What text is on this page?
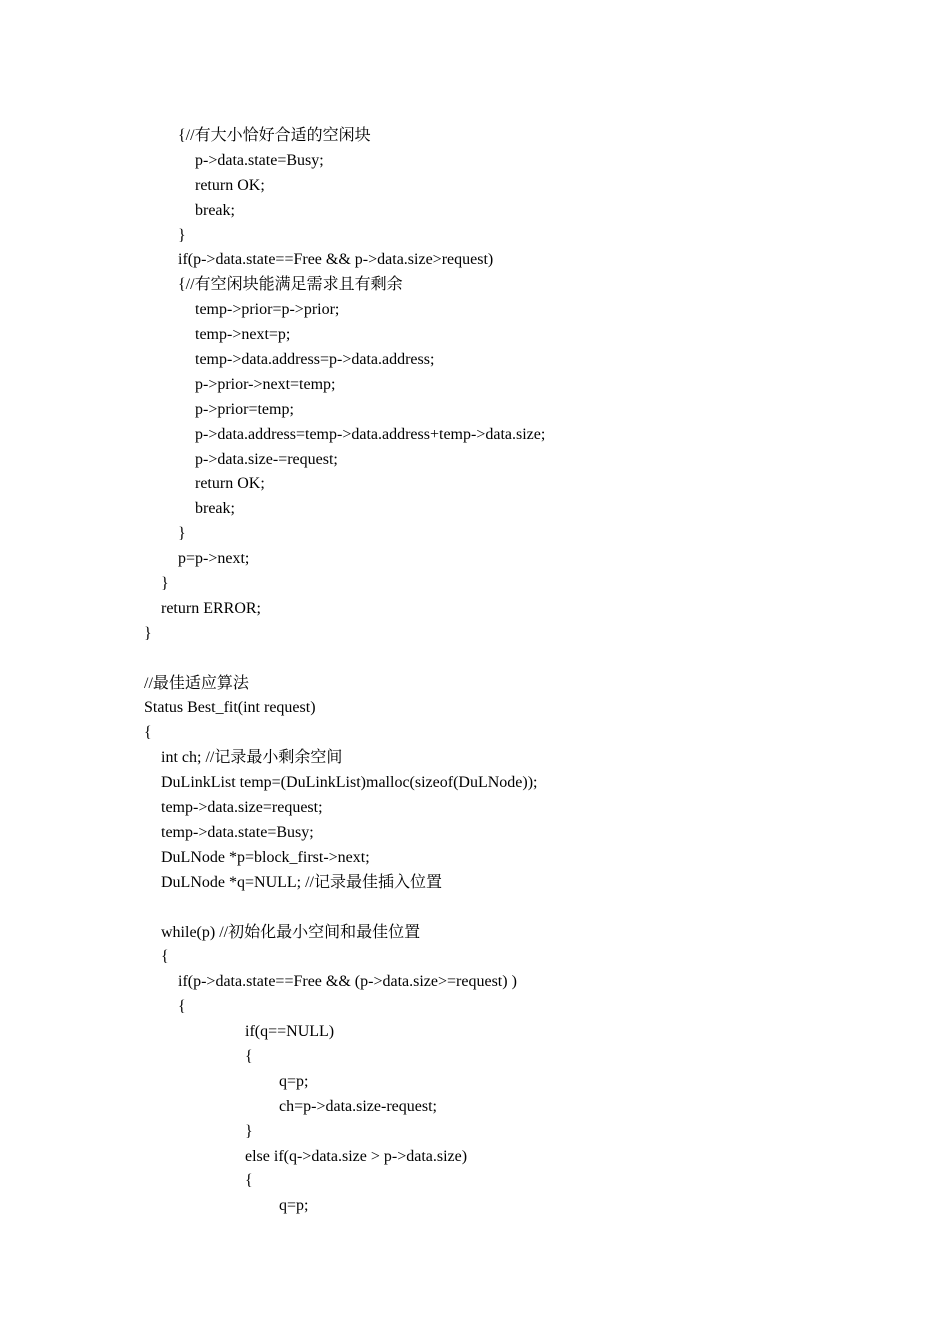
{//有大小恰好合适的空闲块
p->data.state=Busy;
return OK;
break;
}
if(p->data.state==Free && p->data.size>request)
{//有空闲块能满足需求且有剩余
temp->prior=p->prior;
temp->next=p;
temp->data.address=p->data.address;
p->prior->next=temp;
p->prior=temp;
p->data.address=temp->data.address+temp->data.size;
p->data.size-=request;
return OK;
break;
}
p=p->next;
}
return ERROR;
}
//最佳适应算法
Status Best_fit(int request)
{
int ch; //记录最小剩余空间
DuLinkList temp=(DuLinkList)malloc(sizeof(DuLNode));
temp->data.size=request;
temp->data.state=Busy;
DuLNode *p=block_first->next;
DuLNode *q=NULL; //记录最佳插入位置
while(p) //初始化最小空间和最佳位置
{
if(p->data.state==Free && (p->data.size>=request) )
{
if(q==NULL)
{
q=p;
ch=p->data.size-request;
}
else if(q->data.size > p->data.size)
{
q=p;
